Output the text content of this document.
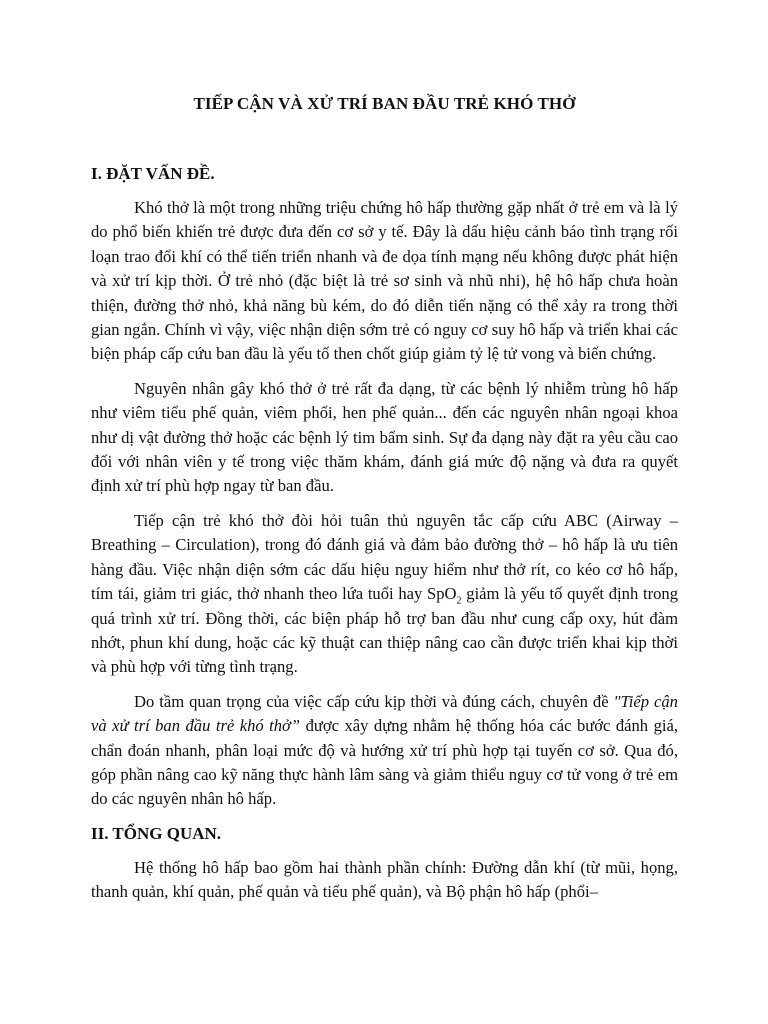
TIẾP CẬN VÀ XỬ TRÍ BAN ĐẦU TRẺ KHÓ THỞ
I. ĐẶT VẤN ĐỀ.

Khó thở là một trong những triệu chứng hô hấp thường gặp nhất ở trẻ em và là lý do phổ biến khiến trẻ được đưa đến cơ sở y tế. Đây là dấu hiệu cảnh báo tình trạng rối loạn trao đổi khí có thể tiến triển nhanh và đe dọa tính mạng nếu không được phát hiện và xử trí kịp thời. Ở trẻ nhỏ (đặc biệt là trẻ sơ sinh và nhũ nhi), hệ hô hấp chưa hoàn thiện, đường thở nhỏ, khả năng bù kém, do đó diễn tiến nặng có thể xảy ra trong thời gian ngắn. Chính vì vậy, việc nhận diện sớm trẻ có nguy cơ suy hô hấp và triển khai các biện pháp cấp cứu ban đầu là yếu tố then chốt giúp giảm tỷ lệ tử vong và biến chứng.

Nguyên nhân gây khó thở ở trẻ rất đa dạng, từ các bệnh lý nhiễm trùng hô hấp như viêm tiểu phế quản, viêm phổi, hen phế quản... đến các nguyên nhân ngoại khoa như dị vật đường thở hoặc các bệnh lý tim bẩm sinh. Sự đa dạng này đặt ra yêu cầu cao đối với nhân viên y tế trong việc thăm khám, đánh giá mức độ nặng và đưa ra quyết định xử trí phù hợp ngay từ ban đầu.

Tiếp cận trẻ khó thở đòi hỏi tuân thủ nguyên tắc cấp cứu ABC (Airway – Breathing – Circulation), trong đó đánh giá và đảm bảo đường thở – hô hấp là ưu tiên hàng đầu. Việc nhận diện sớm các dấu hiệu nguy hiểm như thở rít, co kéo cơ hô hấp, tím tái, giảm tri giác, thở nhanh theo lứa tuổi hay SpO$_2$ giảm là yếu tố quyết định trong quá trình xử trí. Đồng thời, các biện pháp hỗ trợ ban đầu như cung cấp oxy, hút đàm nhớt, phun khí dung, hoặc các kỹ thuật can thiệp nâng cao cần được triển khai kịp thời và phù hợp với từng tình trạng.

Do tầm quan trọng của việc cấp cứu kịp thời và đúng cách, chuyên đề "Tiếp cận và xử trí ban đầu trẻ khó thở” được xây dựng nhằm hệ thống hóa các bước đánh giá, chẩn đoán nhanh, phân loại mức độ và hướng xử trí phù hợp tại tuyến cơ sở. Qua đó, góp phần nâng cao kỹ năng thực hành lâm sàng và giảm thiểu nguy cơ tử vong ở trẻ em do các nguyên nhân hô hấp.

II. TỔNG QUAN.

Hệ thống hô hấp bao gồm hai thành phần chính: Đường dẫn khí (từ mũi, họng, thanh quản, khí quản, phế quản và tiểu phế quản), và Bộ phận hô hấp (phổi–
